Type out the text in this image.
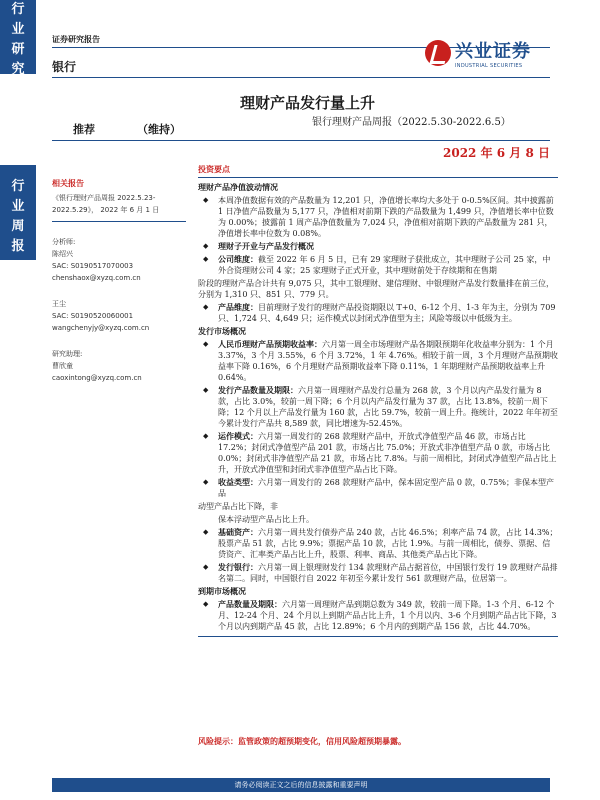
行
业
研
究
行
业
周
报
证券研究报告
银行
兴业证券
INDUSTRIAL SECURITIES
理财产品发行量上升
银行理财产品周报（2022.5.30-2022.6.5）
推荐	（维持）
2022 年 6 月 8 日
相关报告
《银行理财产品周报 2022.5.23-2022.5.29》， 2022 年 6 月 1 日
分析师:
陈绍兴
SAC: S0190517070003
chenshaox@xyzq.com.cn
王尘
SAC: S0190520060001
wangchenyjy@xyzq.com.cn
研究助理:
曹欣童
caoxintong@xyzq.com.cn
投资要点
理财产品净值波动情况
◆ 本周净值数据有效的产品数量为 12,201 只，净值增长率均大多处于 0-0.5%区间。其中披露前 1 日净值产品数量为 5,177 只，净值相对前期下跌的产品数量为 1,499 只，净值增长率中位数为 0.00%；披露前 1 周产品净值数量为 7,024 只，净值相对前期下跌的产品数量为 281 只，净值增长率中位数为 0.08%。
◆ 理财子开业与产品发行概况
◆ 公司维度：截至 2022 年 6 月 5 日，已有 29 家理财子获批成立，其中理财子公司 25 家，中外合资理财公司 4 家；25 家理财子正式开业，其中理财前处于存续期和在售期
阶段的理财产品合计共有 9,075 只，其中工银理财、建信理财、中银理财产品发行数量排在前三位，分别为 1,310 只、851 只、779 只。
◆ 产品维度：目前理财子发行的理财产品投资期限以 T+0、6-12 个月、1-3 年为主，分别为 709 只、1,724 只、4,649 只；运作模式以封闭式净值型为主；风险等级以中低级为主。
发行市场概况
◆ 人民币理财产品预期收益率：六月第一周全市场理财产品各期限预期年化收益率分别为：1 个月 3.37%，3 个月 3.55%，6 个月 3.72%，1 年 4.76%。相较于前一周，3 个月理财产品预期收益率下降 0.16%，6 个月理财产品预期收益率下降 0.11%，1 年期理财产品预期收益率上升 0.64%。
◆ 发行产品数量及期限：六月第一周理财产品发行总量为 268 款，3 个月以内产品发行量为 8 款，占比 3.0%，较前一周下降；6 个月以内产品发行量为 37 款，占比 13.8%，较前一周下降；12 个月以上产品发行量为 160 款，占比 59.7%，较前一周上升。拖统计，2022 年年初至今累计发行产品共 8,589 款，同比增速为-52.45%。
◆ 运作模式：六月第一周发行的 268 款理财产品中，开放式净值型产品 46 款，市场占比 17.2%；封闭式净值型产品 201 款，市场占比 75.0%；开放式非净值型产品 0 款，市场占比 0.0%；封闭式非净值型产品 21 款，市场占比 7.8%。与前一周相比，封闭式净值型产品占比上升，开放式净值型和封闭式非净值型产品占比下降。
◆ 收益类型：六月第一周发行的 268 款理财产品中，保本固定型产品 0 款，0.75%；非保本型产品
动型产品占比下降，非
保本浮动型产品占比上升。
◆ 基础资产：六月第一周共发行债券产品 240 款，占比 46.5%；利率产品 74 款，占比 14.3%；股票产品 51 款，占比 9.9%；票据产品 10 款，占比 1.9%。与前一周相比，债券、票据、信贷资产、汇率类产品占比上升，股票、利率、商品、其他类产品占比下降。
◆ 发行银行：六月第一周上银理财发行 134 款理财产品占据首位，中国银行发行 19 款理财产品排名第二。同时，中国银行自 2022 年初至今累计发行 561 款理财产品，位居第一。
到期市场概况
◆ 产品数量及期限：六月第一周理财产品到期总数为 349 款，较前一周下降。1-3 个月、6-12 个月、12-24 个月、24 个月以上到期产品占比上升，1 个月以内、3-6 个月到期产品占比下降，3 个月以内到期产品 45 款，占比 12.89%；6 个月内的到期产品 156 款，占比 44.70%。
风险提示：监管政策的超预期变化，信用风险超预期暴露。
请务必阅读正文之后的信息披露和重要声明
